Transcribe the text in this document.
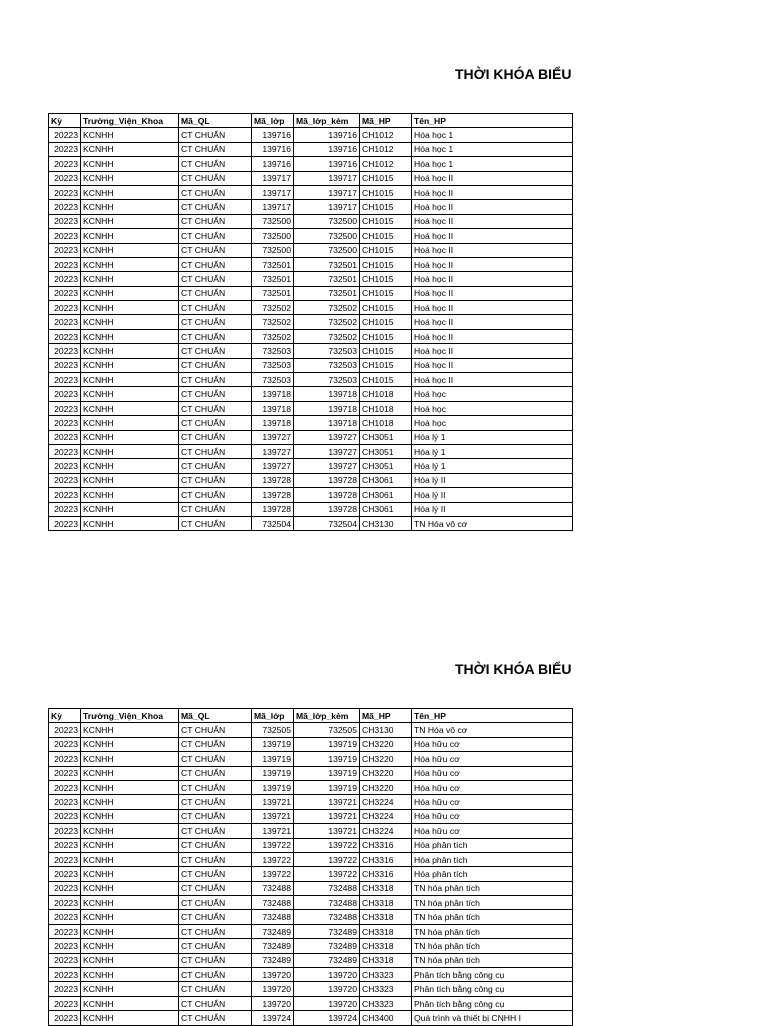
THỜI KHÓA BIỂU
Kỳ	Trường_Viện_Khoa	Mã_QL	Mã_lớp	Mã_lớp_kèm	Mã_HP	Tên_HP
20223	KCNHH	CT CHUẨN	139716	139716	CH1012	Hóa học 1
20223	KCNHH	CT CHUẨN	139716	139716	CH1012	Hóa học 1
20223	KCNHH	CT CHUẨN	139716	139716	CH1012	Hóa học 1
20223	KCNHH	CT CHUẨN	139717	139717	CH1015	Hoá học II
20223	KCNHH	CT CHUẨN	139717	139717	CH1015	Hoá học II
20223	KCNHH	CT CHUẨN	139717	139717	CH1015	Hoá học II
20223	KCNHH	CT CHUẨN	732500	732500	CH1015	Hoá học II
20223	KCNHH	CT CHUẨN	732500	732500	CH1015	Hoá học II
20223	KCNHH	CT CHUẨN	732500	732500	CH1015	Hoá học II
20223	KCNHH	CT CHUẨN	732501	732501	CH1015	Hoá học II
20223	KCNHH	CT CHUẨN	732501	732501	CH1015	Hoá học II
20223	KCNHH	CT CHUẨN	732501	732501	CH1015	Hoá học II
20223	KCNHH	CT CHUẨN	732502	732502	CH1015	Hoá học II
20223	KCNHH	CT CHUẨN	732502	732502	CH1015	Hoá học II
20223	KCNHH	CT CHUẨN	732502	732502	CH1015	Hoá học II
20223	KCNHH	CT CHUẨN	732503	732503	CH1015	Hoá học II
20223	KCNHH	CT CHUẨN	732503	732503	CH1015	Hoá học II
20223	KCNHH	CT CHUẨN	732503	732503	CH1015	Hoá học II
20223	KCNHH	CT CHUẨN	139718	139718	CH1018	Hoá học
20223	KCNHH	CT CHUẨN	139718	139718	CH1018	Hoá học
20223	KCNHH	CT CHUẨN	139718	139718	CH1018	Hoá học
20223	KCNHH	CT CHUẨN	139727	139727	CH3051	Hóa lý 1
20223	KCNHH	CT CHUẨN	139727	139727	CH3051	Hóa lý 1
20223	KCNHH	CT CHUẨN	139727	139727	CH3051	Hóa lý 1
20223	KCNHH	CT CHUẨN	139728	139728	CH3061	Hóa lý II
20223	KCNHH	CT CHUẨN	139728	139728	CH3061	Hóa lý II
20223	KCNHH	CT CHUẨN	139728	139728	CH3061	Hóa lý II
20223	KCNHH	CT CHUẨN	732504	732504	CH3130	TN Hóa vô cơ
THỜI KHÓA BIỂU
Kỳ	Trường_Viện_Khoa	Mã_QL	Mã_lớp	Mã_lớp_kèm	Mã_HP	Tên_HP
20223	KCNHH	CT CHUẨN	732505	732505	CH3130	TN Hóa vô cơ
20223	KCNHH	CT CHUẨN	139719	139719	CH3220	Hóa hữu cơ
20223	KCNHH	CT CHUẨN	139719	139719	CH3220	Hóa hữu cơ
20223	KCNHH	CT CHUẨN	139719	139719	CH3220	Hóa hữu cơ
20223	KCNHH	CT CHUẨN	139719	139719	CH3220	Hóa hữu cơ
20223	KCNHH	CT CHUẨN	139721	139721	CH3224	Hóa hữu cơ
20223	KCNHH	CT CHUẨN	139721	139721	CH3224	Hóa hữu cơ
20223	KCNHH	CT CHUẨN	139721	139721	CH3224	Hóa hữu cơ
20223	KCNHH	CT CHUẨN	139722	139722	CH3316	Hóa phân tích
20223	KCNHH	CT CHUẨN	139722	139722	CH3316	Hóa phân tích
20223	KCNHH	CT CHUẨN	139722	139722	CH3316	Hóa phân tích
20223	KCNHH	CT CHUẨN	732488	732488	CH3318	TN hóa phân tích
20223	KCNHH	CT CHUẨN	732488	732488	CH3318	TN hóa phân tích
20223	KCNHH	CT CHUẨN	732488	732488	CH3318	TN hóa phân tích
20223	KCNHH	CT CHUẨN	732489	732489	CH3318	TN hóa phân tích
20223	KCNHH	CT CHUẨN	732489	732489	CH3318	TN hóa phân tích
20223	KCNHH	CT CHUẨN	732489	732489	CH3318	TN hóa phân tích
20223	KCNHH	CT CHUẨN	139720	139720	CH3323	Phân tích bằng công cụ
20223	KCNHH	CT CHUẨN	139720	139720	CH3323	Phân tích bằng công cụ
20223	KCNHH	CT CHUẨN	139720	139720	CH3323	Phân tích bằng công cụ
20223	KCNHH	CT CHUẨN	139724	139724	CH3400	Quá trình và thiết bị CNHH I
